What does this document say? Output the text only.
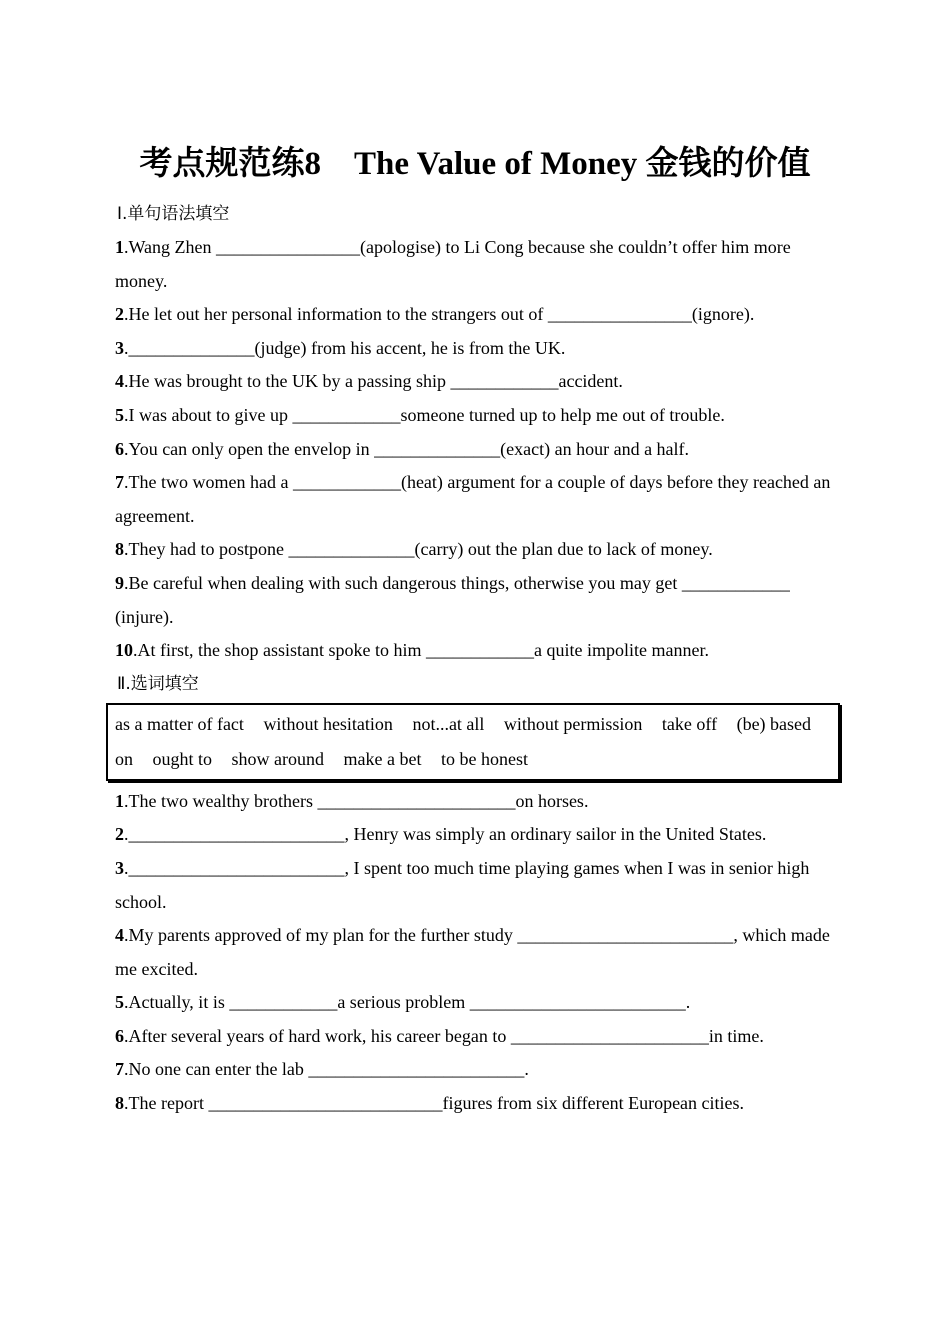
考点规范练8　The Value of Money 金钱的价值

Ⅰ.单句语法填空

1.Wang Zhen ________________(apologise) to Li Cong because she couldn’t offer him more money.

2.He let out her personal information to the strangers out of ________________(ignore).

3.______________(judge) from his accent, he is from the UK.

4.He was brought to the UK by a passing ship ____________accident.

5.I was about to give up ____________someone turned up to help me out of trouble.

6.You can only open the envelop in ______________(exact) an hour and a half.

7.The two women had a ____________(heat) argument for a couple of days before they reached an agreement.

8.They had to postpone ______________(carry) out the plan due to lack of money.

9.Be careful when dealing with such dangerous things, otherwise you may get ____________ (injure).

10.At first, the shop assistant spoke to him ____________a quite impolite manner.

Ⅱ.选词填空

as a matter of fact without hesitation not...at all without permission take off (be) based on ought to show around make a bet to be honest

1.The two wealthy brothers ______________________on horses.

2.________________________, Henry was simply an ordinary sailor in the United States.

3.________________________, I spent too much time playing games when I was in senior high school.

4.My parents approved of my plan for the further study ________________________, which made me excited.

5.Actually, it is ____________a serious problem ________________________.

6.After several years of hard work, his career began to ______________________in time.

7.No one can enter the lab ________________________.

8.The report __________________________figures from six different European cities.
